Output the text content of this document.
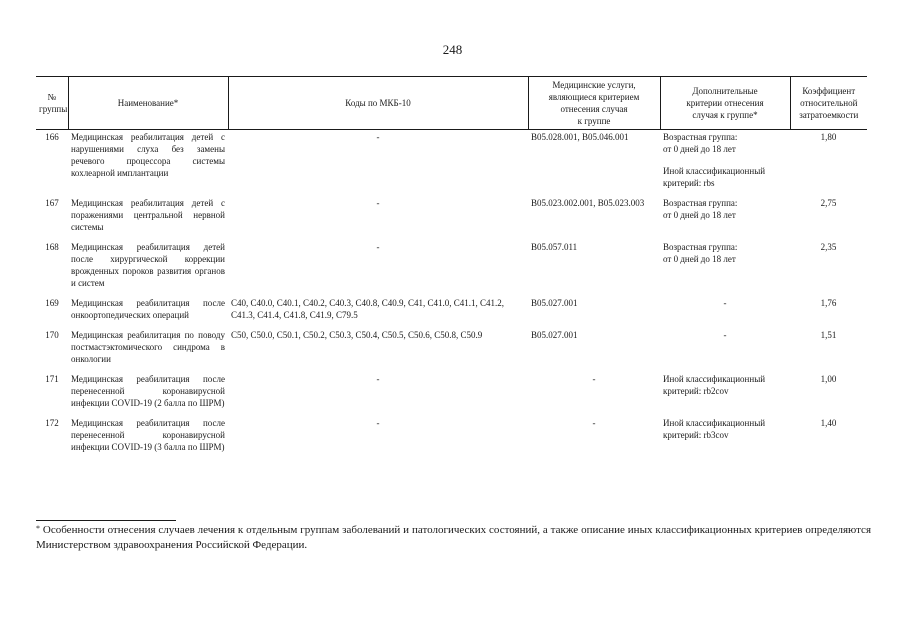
248
№
группы	Наименование*	Коды по МКБ-10	Медицинские услуги,
являющиеся критерием
отнесения случая
к группе	Дополнительные
критерии отнесения
случая к группе*	Коэффициент
относительной
затратоемкости
166	Медицинская реабилитация детей с нарушениями слуха без замены речевого процессора системы кохлеарной имплантации	-	B05.028.001, B05.046.001	Возрастная группа:
от 0 дней до 18 лет
Иной классификационный
критерий: rbs	1,80
167	Медицинская реабилитация детей с поражениями центральной нервной системы	-	B05.023.002.001, B05.023.003	Возрастная группа:
от 0 дней до 18 лет	2,75
168	Медицинская реабилитация детей после хирургической коррекции врожденных пороков развития органов и систем	-	B05.057.011	Возрастная группа:
от 0 дней до 18 лет	2,35
169	Медицинская реабилитация после онкоортопедических операций	C40, C40.0, C40.1, C40.2, C40.3, C40.8, C40.9, C41, C41.0, C41.1, C41.2, C41.3, C41.4, C41.8, C41.9, C79.5	B05.027.001	-	1,76
170	Медицинская реабилитация по поводу постмастэктомического синдрома в онкологии	C50, C50.0, C50.1, C50.2, C50.3, C50.4, C50.5, C50.6, C50.8, C50.9	B05.027.001	-	1,51
171	Медицинская реабилитация после перенесенной коронавирусной инфекции COVID-19 (2 балла по ШРМ)	-	-	Иной классификационный
критерий: rb2cov	1,00
172	Медицинская реабилитация после перенесенной коронавирусной инфекции COVID-19 (3 балла по ШРМ)	-	-	Иной классификационный
критерий: rb3cov	1,40
* Особенности отнесения случаев лечения к отдельным группам заболеваний и патологических состояний, а также описание иных классификационных критериев определяются Министерством здравоохранения Российской Федерации.
